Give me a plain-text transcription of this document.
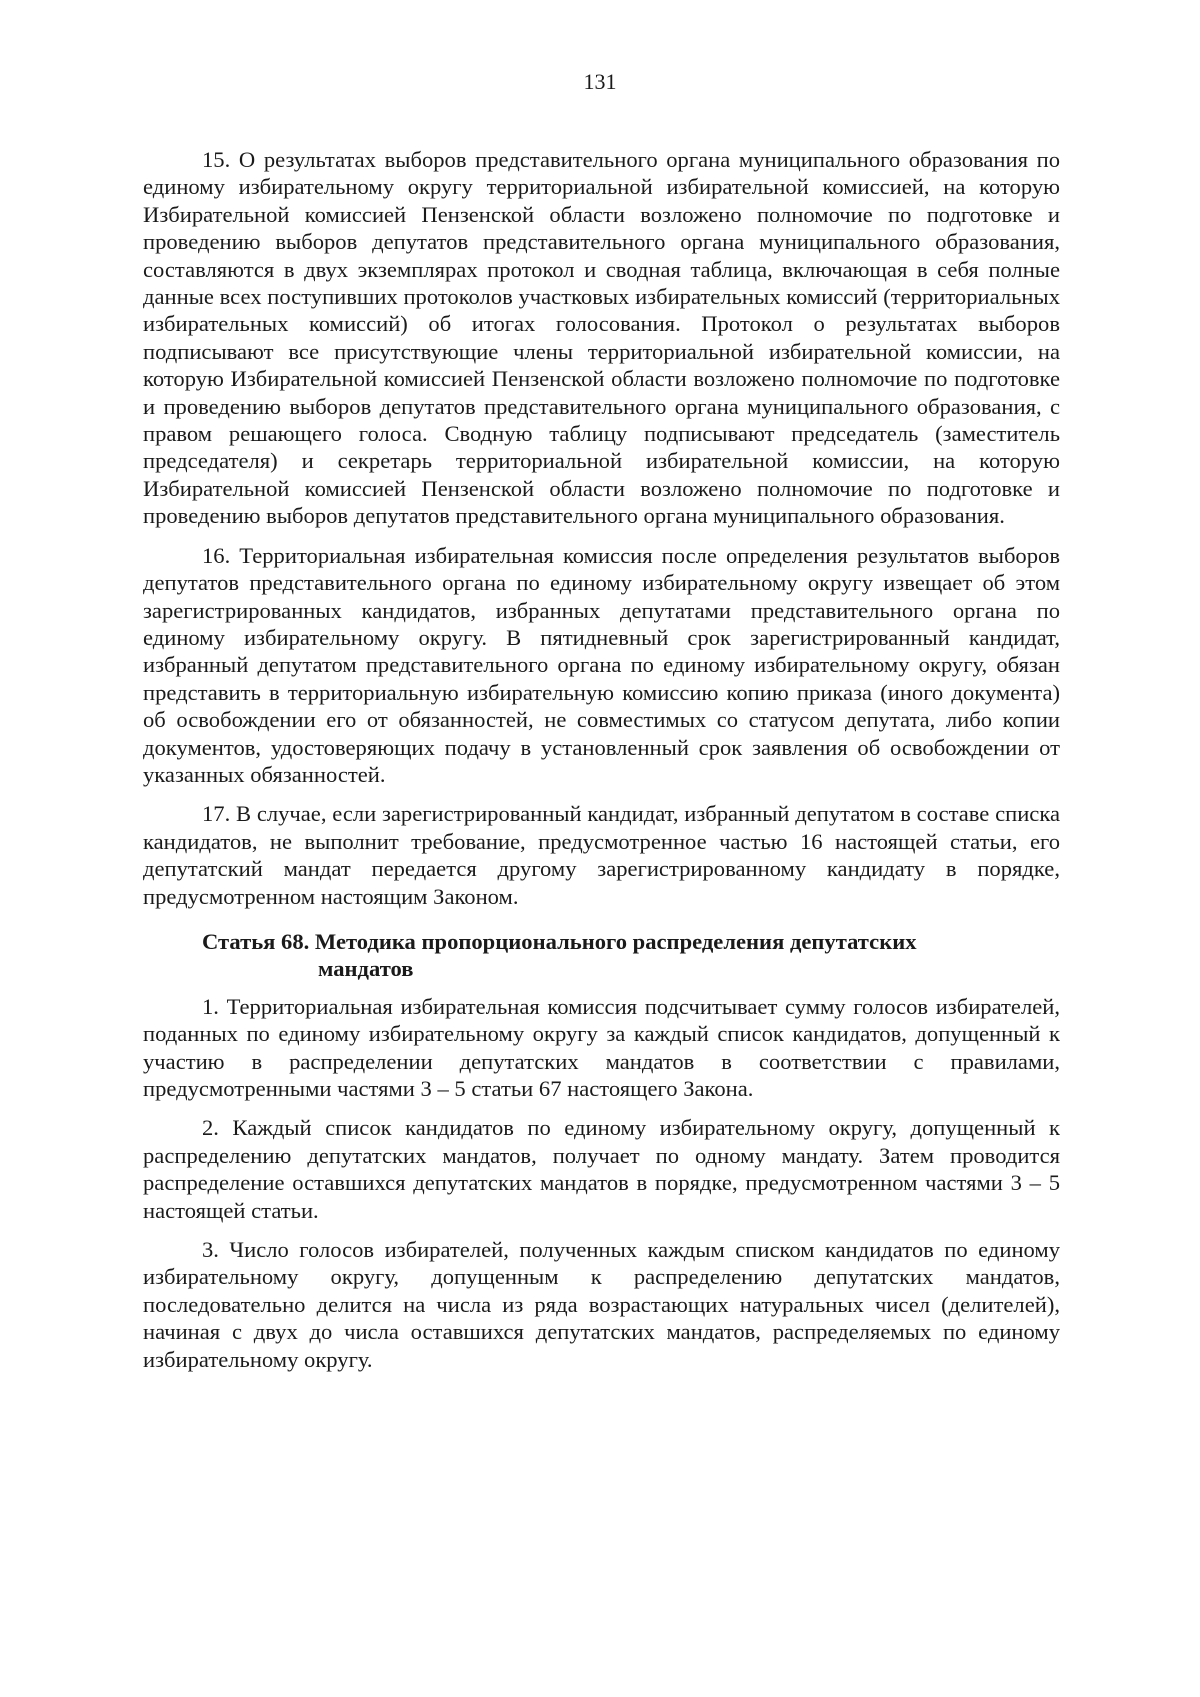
131

15. О результатах выборов представительного органа муниципального образования по единому избирательному округу территориальной избирательной комиссией, на которую Избирательной комиссией Пензенской области возложено полномочие по подготовке и проведению выборов депутатов представительного органа муниципального образования, составляются в двух экземплярах протокол и сводная таблица, включающая в себя полные данные всех поступивших протоколов участковых избирательных комиссий (территориальных избирательных комиссий) об итогах голосования. Протокол о результатах выборов подписывают все присутствующие члены территориальной избирательной комиссии, на которую Избирательной комиссией Пензенской области возложено полномочие по подготовке и проведению выборов депутатов представительного органа муниципального образования, с правом решающего голоса. Сводную таблицу подписывают председатель (заместитель председателя) и секретарь территориальной избирательной комиссии, на которую Избирательной комиссией Пензенской области возложено полномочие по подготовке и проведению выборов депутатов представительного органа муниципального образования.

16. Территориальная избирательная комиссия после определения результатов выборов депутатов представительного органа по единому избирательному округу извещает об этом зарегистрированных кандидатов, избранных депутатами представительного органа по единому избирательному округу. В пятидневный срок зарегистрированный кандидат, избранный депутатом представительного органа по единому избирательному округу, обязан представить в территориальную избирательную комиссию копию приказа (иного документа) об освобождении его от обязанностей, не совместимых со статусом депутата, либо копии документов, удостоверяющих подачу в установленный срок заявления об освобождении от указанных обязанностей.

17. В случае, если зарегистрированный кандидат, избранный депутатом в составе списка кандидатов, не выполнит требование, предусмотренное частью 16 настоящей статьи, его депутатский мандат передается другому зарегистрированному кандидату в порядке, предусмотренном настоящим Законом.

Статья 68. Методика пропорционального распределения депутатских
мандатов

1. Территориальная избирательная комиссия подсчитывает сумму голосов избирателей, поданных по единому избирательному округу за каждый список кандидатов, допущенный к участию в распределении депутатских мандатов в соответствии с правилами, предусмотренными частями 3 – 5 статьи 67 настоящего Закона.

2. Каждый список кандидатов по единому избирательному округу, допущенный к распределению депутатских мандатов, получает по одному мандату. Затем проводится распределение оставшихся депутатских мандатов в порядке, предусмотренном частями 3 – 5 настоящей статьи.

3. Число голосов избирателей, полученных каждым списком кандидатов по единому избирательному округу, допущенным к распределению депутатских мандатов, последовательно делится на числа из ряда возрастающих натуральных чисел (делителей), начиная с двух до числа оставшихся депутатских мандатов, распределяемых по единому избирательному округу.
